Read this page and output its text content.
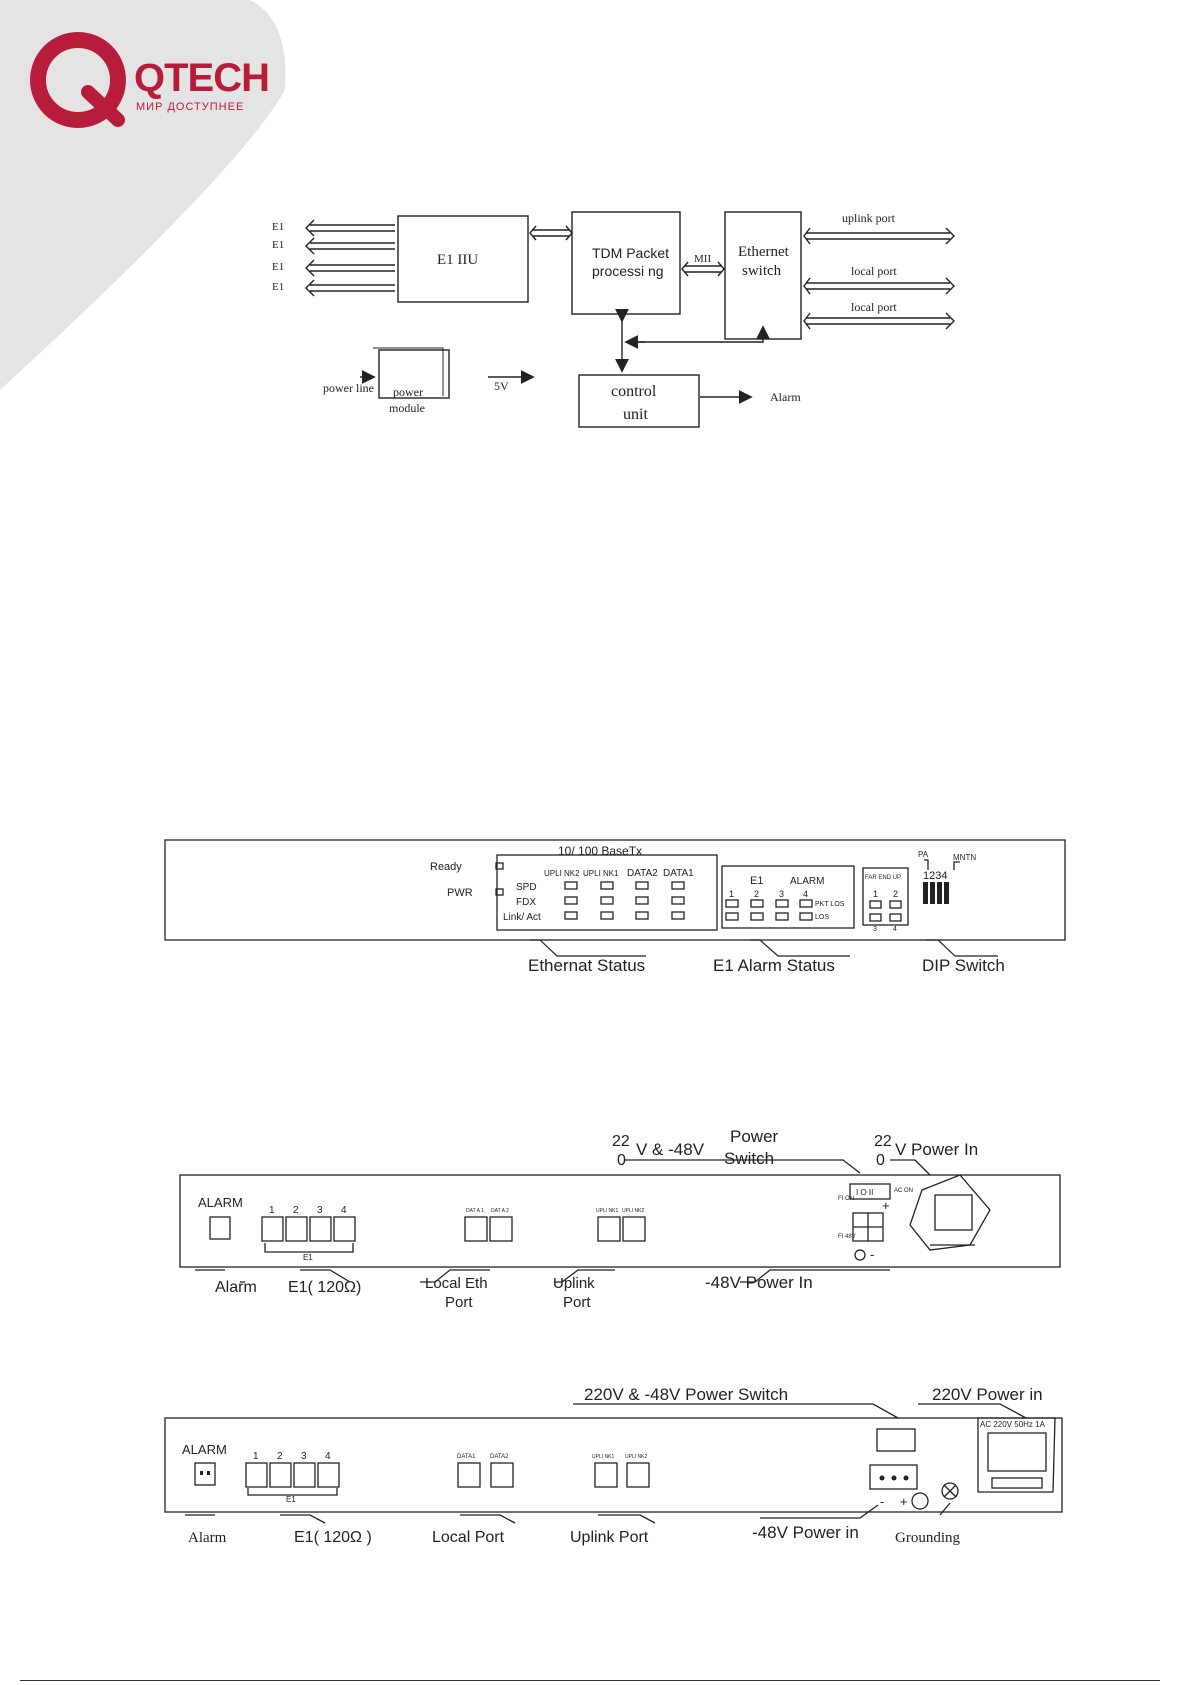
QTECH
МИР ДОСТУПНЕЕ
E1
E1
E1
E1
E1 IIU	TDM Packet
processi ng
MII Ethernet
switch
uplink port
local port
local port
power line power
module
5V	control
unit
Alarm
10/ 100 BaseTx
Ready
PWR	SPD
FDX
Link/ Act
UPLI NK2 UPLI NK1 DATA2 DATA1
E1	ALARM
1 2 3 4
PKT LOS
LOS
FAR END UP
1 2
3 4
PA	MNTN
1234
Ethernat Status	E1 Alarm Status	DIP Switch
22
0
V & -48V
Power
Switch
22
0
V Power In
ALARM
1 2 3 4
E1
DAT A 1 DAT A 2	UPLI NK1 UPLI NK2
FI ON
FI 48V
I O II	AC ON
+
-
Alarm E1( 120Ω)	Local Eth
Port
Uplink
Port
-48V Power In
220V & -48V Power Switch	220V Power in
AC 220V 50Hz 1A
ALARM	1 2 3 4
E1
DATA1 DATA2	UPLI NK1 UPLI NK2
- +
Alarm	E1( 120Ω )	Local Port	Uplink Port	-48V Power in Grounding
